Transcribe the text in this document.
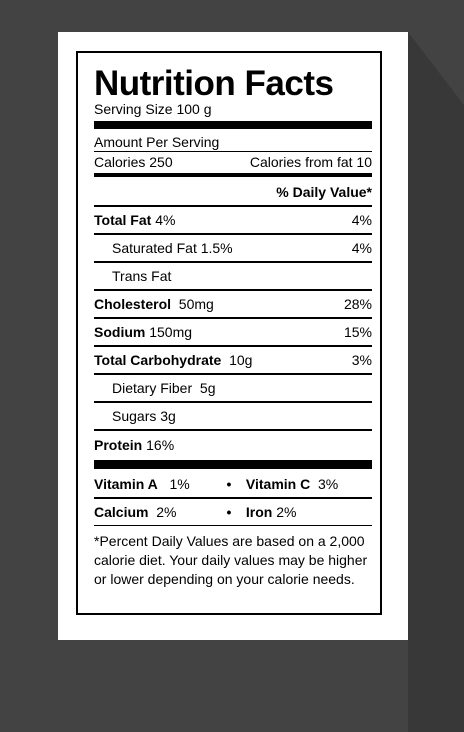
Nutrition Facts
Serving Size 100 g
Amount Per Serving
Calories 250	Calories from fat 10
% Daily Value*
Total Fat 4%	4%
Saturated Fat 1.5%	4%
Trans Fat
Cholesterol 50mg	28%
Sodium 150mg	15%
Total Carbohydrate 10g	3%
Dietary Fiber  5g
Sugars 3g
Protein 16%
Vitamin A 1%	•	Vitamin C 3%
Calcium 2%	•	Iron 2%
*Percent Daily Values are based on a 2,000 calorie diet. Your daily values may be higher or lower depending on your calorie needs.
